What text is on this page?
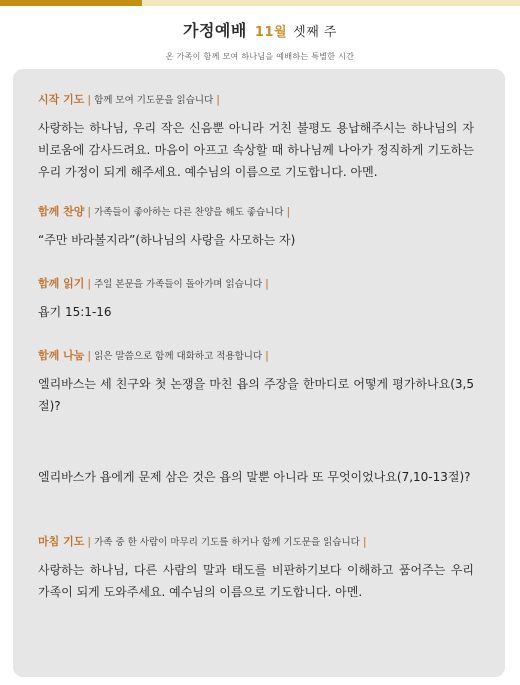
가정예배 11월 셋째 주
온 가족이 함께 모여 하나님을 예배하는 특별한 시간
시작 기도 | 함께 모여 기도문을 읽습니다 |
사랑하는 하나님, 우리 작은 신음뿐 아니라 거친 불평도 용납해주시는 하나님의 자비로움에 감사드려요. 마음이 아프고 속상할 때 하나님께 나아가 정직하게 기도하는 우리 가정이 되게 해주세요. 예수님의 이름으로 기도합니다. 아멘.
함께 찬양 | 가족들이 좋아하는 다른 찬양을 해도 좋습니다 |
“주만 바라볼지라”(하나님의 사랑을 사모하는 자)
함께 읽기 | 주일 본문을 가족들이 돌아가며 읽습니다 |
욥기 15:1-16
함께 나눔 | 읽은 말씀으로 함께 대화하고 적용합니다 |
엘리바스는 세 친구와 첫 논쟁을 마친 욥의 주장을 한마디로 어떻게 평가하나요(3,5절)?
엘리바스가 욥에게 문제 삼은 것은 욥의 말뿐 아니라 또 무엇이었나요(7,10-13절)?
마침 기도 | 가족 중 한 사람이 마무리 기도를 하거나 함께 기도문을 읽습니다 |
사랑하는 하나님, 다른 사람의 말과 태도를 비판하기보다 이해하고 품어주는 우리 가족이 되게 도와주세요. 예수님의 이름으로 기도합니다. 아멘.
